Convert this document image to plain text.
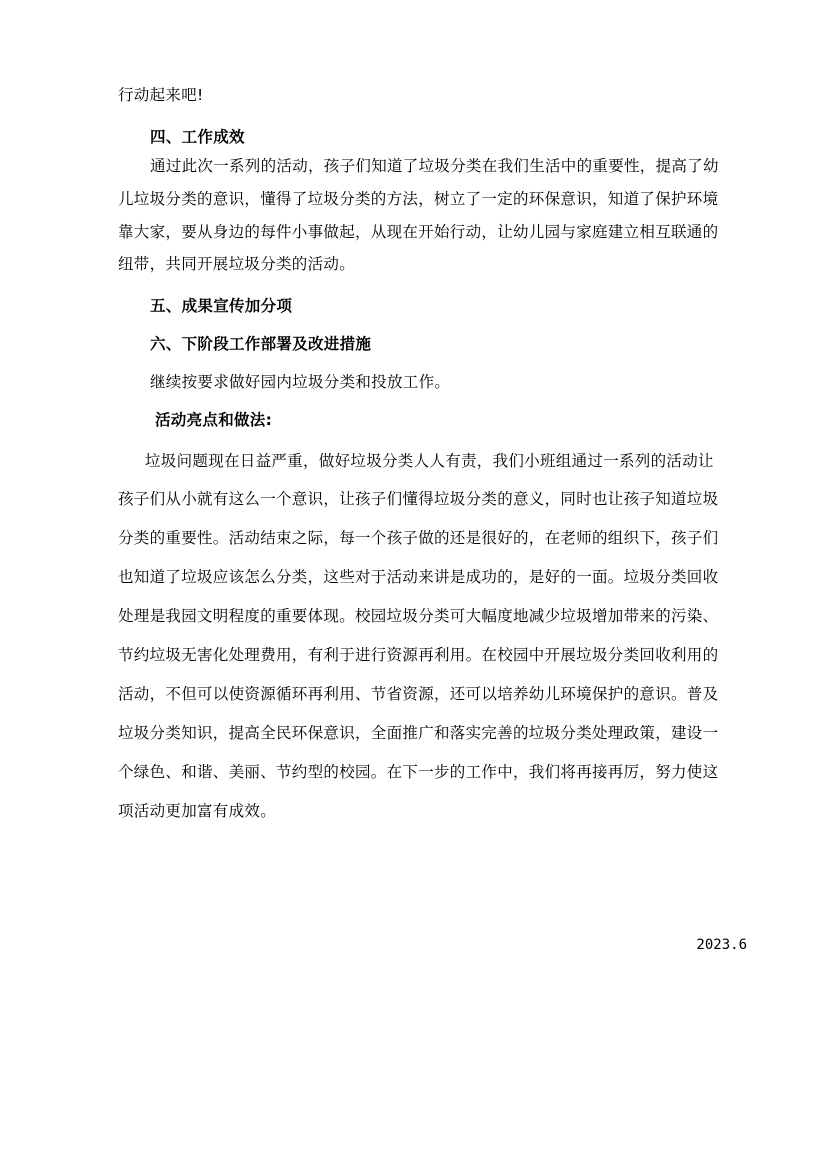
行动起来吧!
四、工作成效
通过此次一系列的活动，孩子们知道了垃圾分类在我们生活中的重要性，提高了幼
儿垃圾分类的意识，懂得了垃圾分类的方法，树立了一定的环保意识，知道了保护环境
靠大家，要从身边的每件小事做起，从现在开始行动，让幼儿园与家庭建立相互联通的
纽带，共同开展垃圾分类的活动。
五、成果宣传加分项
六、下阶段工作部署及改进措施
继续按要求做好园内垃圾分类和投放工作。
活动亮点和做法:
垃圾问题现在日益严重，做好垃圾分类人人有责，我们小班组通过一系列的活动让
孩子们从小就有这么一个意识，让孩子们懂得垃圾分类的意义，同时也让孩子知道垃圾
分类的重要性。活动结束之际，每一个孩子做的还是很好的，在老师的组织下，孩子们
也知道了垃圾应该怎么分类，这些对于活动来讲是成功的，是好的一面。垃圾分类回收
处理是我园文明程度的重要体现。校园垃圾分类可大幅度地减少垃圾增加带来的污染、
节约垃圾无害化处理费用，有利于进行资源再利用。在校园中开展垃圾分类回收利用的
活动，不但可以使资源循环再利用、节省资源，还可以培养幼儿环境保护的意识。普及
垃圾分类知识，提高全民环保意识，全面推广和落实完善的垃圾分类处理政策，建设一
个绿色、和谐、美丽、节约型的校园。在下一步的工作中，我们将再接再厉，努力使这
项活动更加富有成效。
2023.6
